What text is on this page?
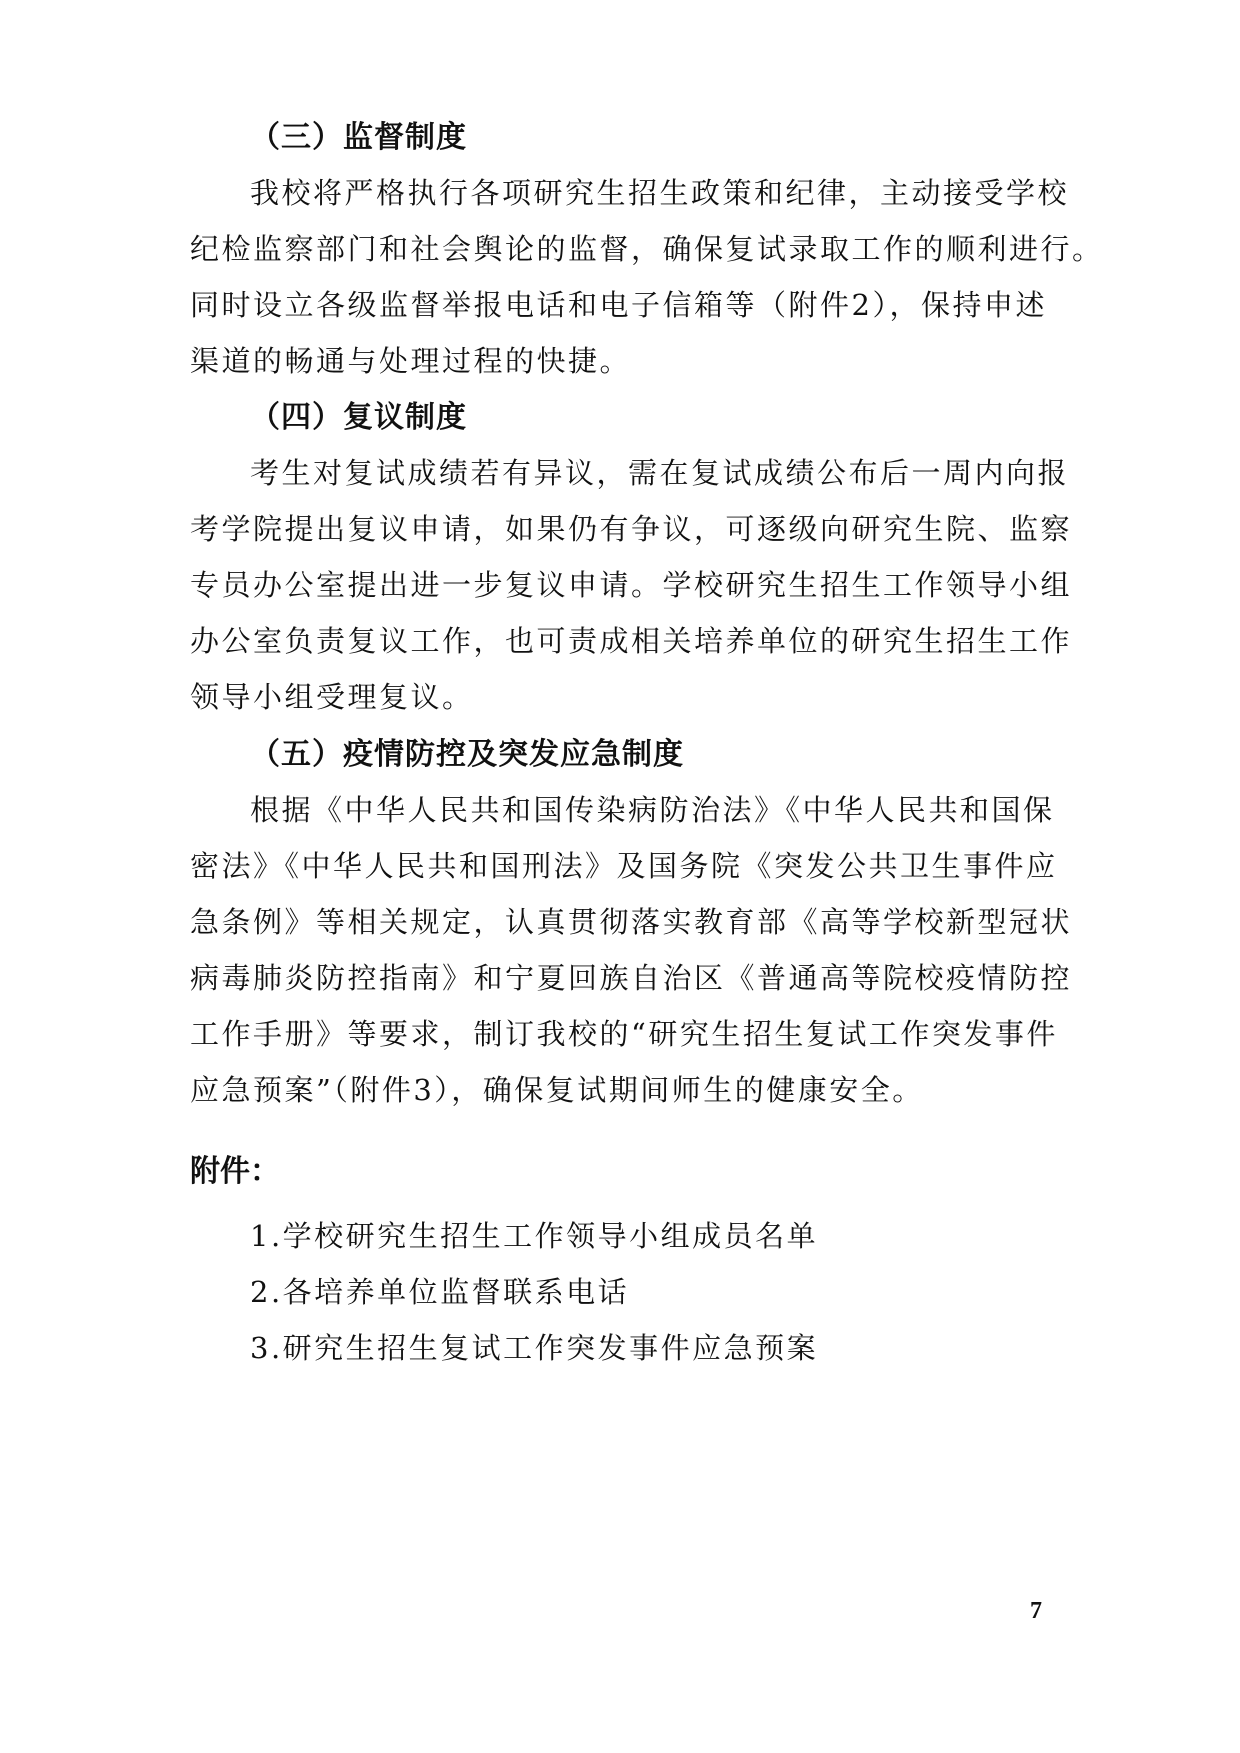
（三）监督制度
我校将严格执行各项研究生招生政策和纪律，主动接受学校
纪检监察部门和社会舆论的监督，确保复试录取工作的顺利进行。
同时设立各级监督举报电话和电子信箱等（附件2），保持申述
渠道的畅通与处理过程的快捷。
（四）复议制度
考生对复试成绩若有异议，需在复试成绩公布后一周内向报
考学院提出复议申请，如果仍有争议，可逐级向研究生院、监察
专员办公室提出进一步复议申请。学校研究生招生工作领导小组
办公室负责复议工作，也可责成相关培养单位的研究生招生工作
领导小组受理复议。
（五）疫情防控及突发应急制度
根据《中华人民共和国传染病防治法》《中华人民共和国保
密法》《中华人民共和国刑法》及国务院《突发公共卫生事件应
急条例》等相关规定，认真贯彻落实教育部《高等学校新型冠状
病毒肺炎防控指南》和宁夏回族自治区《普通高等院校疫情防控
工作手册》等要求，制订我校的“研究生招生复试工作突发事件
应急预案”（附件3），确保复试期间师生的健康安全。
附件：
1.学校研究生招生工作领导小组成员名单
2.各培养单位监督联系电话
3.研究生招生复试工作突发事件应急预案
7
